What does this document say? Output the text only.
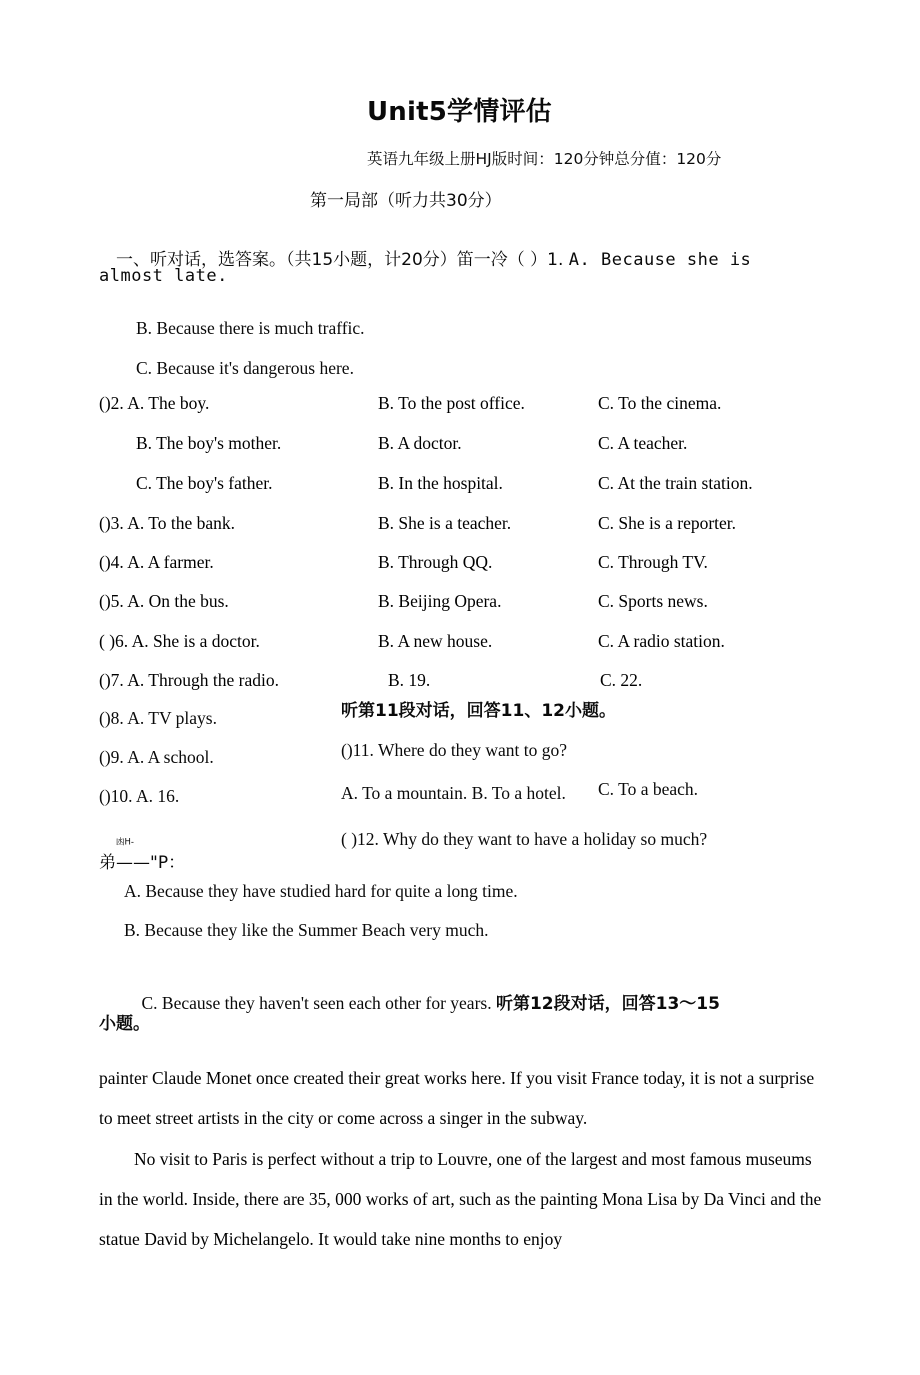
Unit5学情评估
英语九年级上册HJ版时间：120分钟总分值：120分
第一局部（听力共30分）

一、听对话，选答案。（共15小题，计20分）笛一冷（ ）1. A. Because she is

almost late.
B. Because there is much traffic.
C. Because it's dangerous here.
()2. A. The boy.	B. To the post office.	C. To the cinema.
B. The boy's mother.	B. A doctor.	C. A teacher.
C. The boy's father.	B. In the hospital.	C. At the train station.
()3. A. To the bank.	B. She is a teacher.	C. She is a reporter.
()4. A. A farmer.	B. Through QQ.	C. Through TV.
()5. A. On the bus.	B. Beijing Opera.	C. Sports news.
( )6. A. She is a doctor.	B. A new house.	C. A radio station.
()7. A. Through the radio.	B. 19.	C. 22.
()8. A. TV plays.
()9. A. A school.
()10. A. 16.

$^{凼H-}$
弟——"P：

听第11段对话，回答11、12小题。
()11. Where do they want to go?
A. To a mountain. B. To a hotel.	C. To a beach.
( )12. Why do they want to have a holiday so much?
A. Because they have studied hard for quite a long time.
B. Because they like the Summer Beach very much.

C. Because they haven't seen each other for years. 听第12段对话，回答13〜15

小题。
painter Claude Monet once created their great works here. If you visit France today, it is not a surprise to meet street artists in the city or come across a singer in the subway.
　　No visit to Paris is perfect without a trip to Louvre, one of the largest and most famous museums in the world. Inside, there are 35, 000 works of art, such as the painting Mona Lisa by Da Vinci and the statue David by Michelangelo. It would take nine months to enjoy
